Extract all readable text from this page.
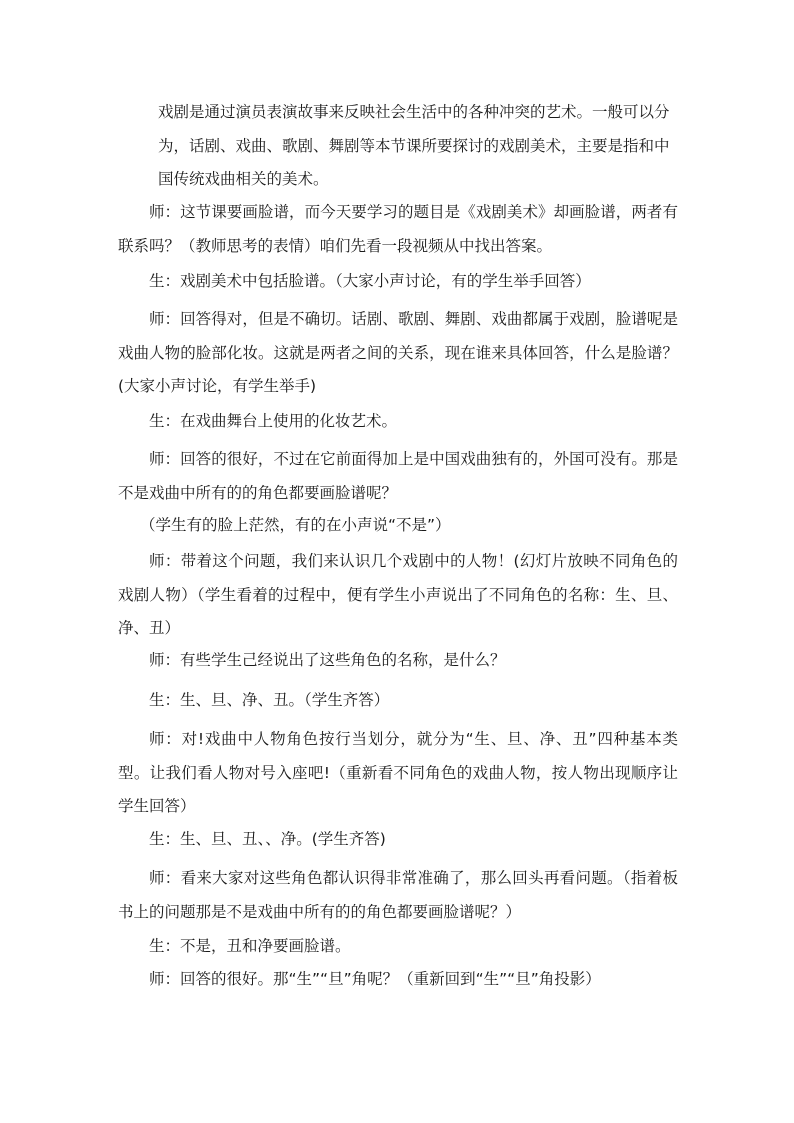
戏剧是通过演员表演故事来反映社会生活中的各种冲突的艺术。一般可以分为，话剧、戏曲、歌剧、舞剧等本节课所要探讨的戏剧美术，主要是指和中国传统戏曲相关的美术。

师：这节课要画脸谱，而今天要学习的题目是《戏剧美术》却画脸谱，两者有联系吗？（教师思考的表情）咱们先看一段视频从中找出答案。

生：戏剧美术中包括脸谱。（大家小声讨论，有的学生举手回答）

师：回答得对，但是不确切。话剧、歌剧、舞剧、戏曲都属于戏剧，脸谱呢是戏曲人物的脸部化妆。这就是两者之间的关系，现在谁来具体回答，什么是脸谱？(大家小声讨论，有学生举手)

生：在戏曲舞台上使用的化妆艺术。

师：回答的很好，不过在它前面得加上是中国戏曲独有的，外国可没有。那是不是戏曲中所有的的角色都要画脸谱呢？

（学生有的脸上茫然，有的在小声说“不是”）

师：带着这个问题，我们来认识几个戏剧中的人物！(幻灯片放映不同角色的戏剧人物）（学生看着的过程中，便有学生小声说出了不同角色的名称：生、旦、净、丑）

师：有些学生己经说出了这些角色的名称，是什么？

生：生、旦、净、丑。（学生齐答）

师：对!戏曲中人物角色按行当划分，就分为“生、旦、净、丑”四种基本类型。让我们看人物对号入座吧!（重新看不同角色的戏曲人物，按人物出现顺序让学生回答）

生：生、旦、丑、、净。(学生齐答)

师：看来大家对这些角色都认识得非常准确了，那么回头再看问题。（指着板书上的问题那是不是戏曲中所有的的角色都要画脸谱呢？）

生：不是，丑和净要画脸谱。

师：回答的很好。那“生”“旦”角呢？（重新回到“生”“旦”角投影）
